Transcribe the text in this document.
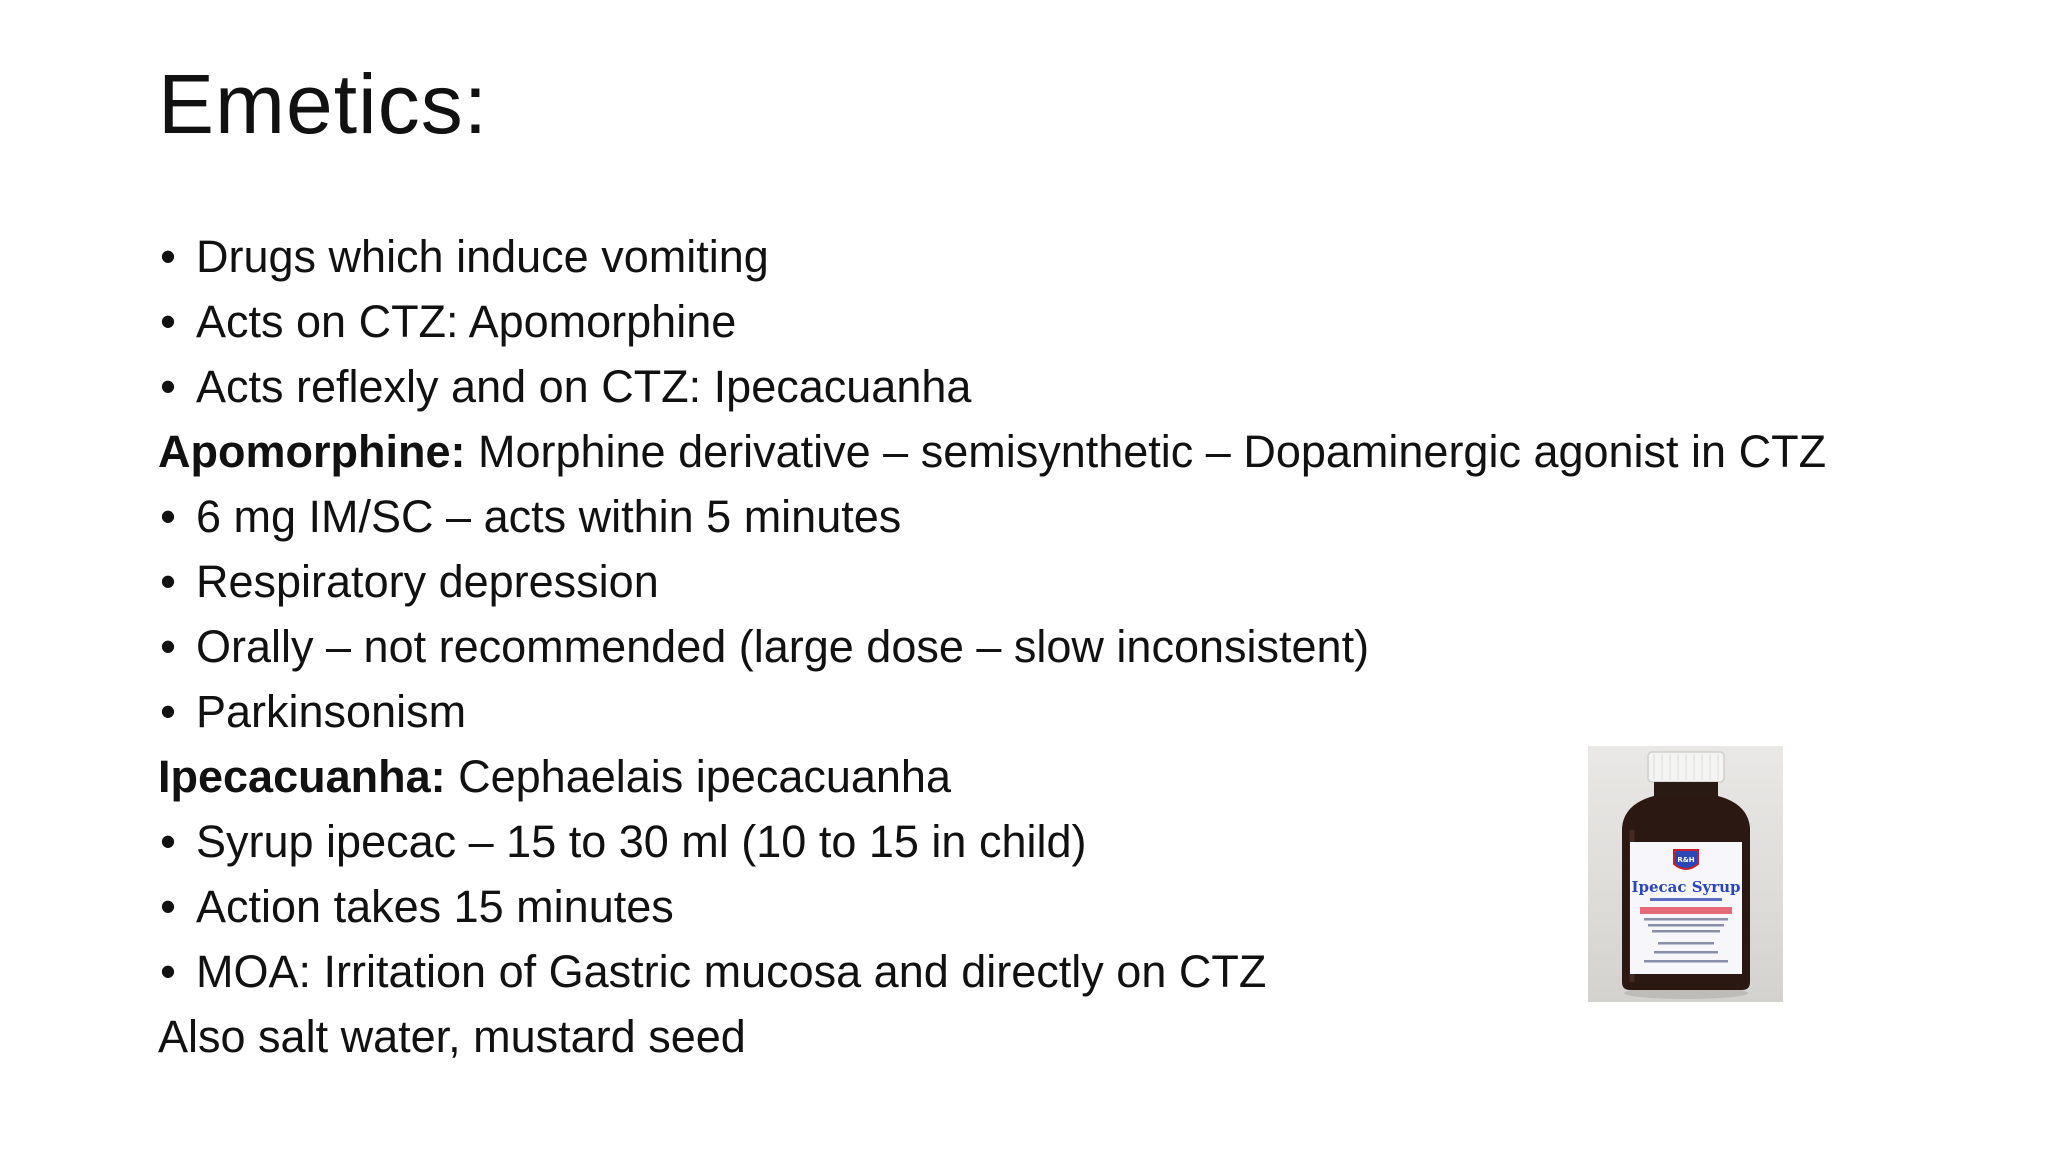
Emetics:
• Drugs which induce vomiting
• Acts on CTZ: Apomorphine
• Acts reflexly and on CTZ: Ipecacuanha
Apomorphine: Morphine derivative – semisynthetic – Dopaminergic agonist in CTZ
• 6 mg IM/SC – acts within 5 minutes
• Respiratory depression
• Orally – not recommended (large dose – slow inconsistent)
• Parkinsonism
Ipecacuanha: Cephaelais ipecacuanha
• Syrup ipecac – 15 to 30 ml (10 to 15 in child)
• Action takes 15 minutes
• MOA: Irritation of Gastric mucosa and directly on CTZ
Also salt water, mustard seed
R&H
Ipecac Syrup
